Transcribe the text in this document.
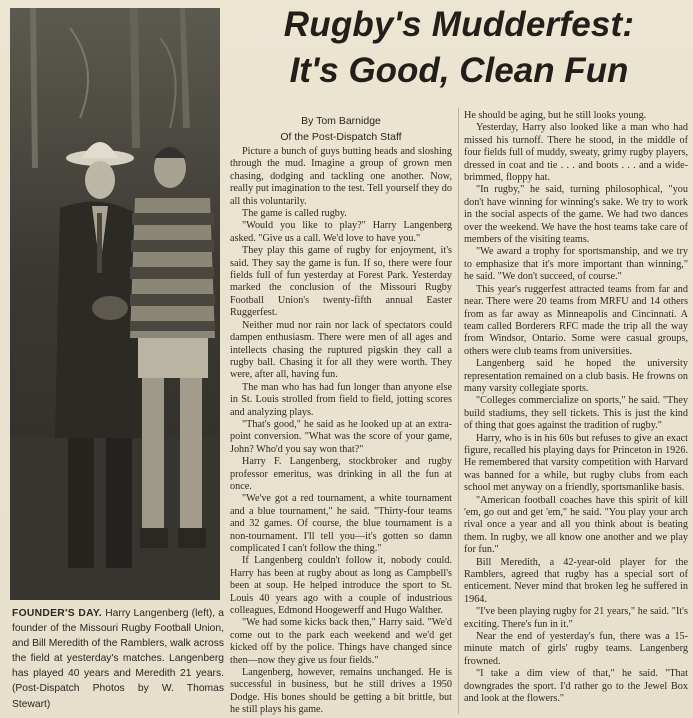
FOUNDER'S DAY. Harry Langenberg (left), a founder of the Missouri Rugby Football Union, and Bill Meredith of the Ramblers, walk across the field at yesterday's matches. Langenberg has played 40 years and Meredith 21 years. (Post-Dispatch Photos by W. Thomas Stewart)
Rugby's Mudderfest:
It's Good, Clean Fun
By Tom Barnidge
Of the Post-Dispatch Staff

Picture a bunch of guys butting heads and sloshing through the mud. Imagine a group of grown men chasing, dodging and tackling one another. Now, really put imagination to the test. Tell yourself they do all this voluntarily.

The game is called rugby.

"Would you like to play?" Harry Langenberg asked. "Give us a call. We'd love to have you."

They play this game of rugby for enjoyment, it's said. They say the game is fun. If so, there were four fields full of fun yesterday at Forest Park. Yesterday marked the conclusion of the Missouri Rugby Football Union's twenty-fifth annual Easter Ruggerfest.

Neither mud nor rain nor lack of spectators could dampen enthusiasm. There were men of all ages and intellects chasing the ruptured pigskin they call a rugby ball. Chasing it for all they were worth. They were, after all, having fun.

The man who has had fun longer than anyone else in St. Louis strolled from field to field, jotting scores and analyzing plays.

"That's good," he said as he looked up at an extra-point conversion. "What was the score of your game, John? Who'd you say won that?"

Harry F. Langenberg, stockbroker and rugby professor emeritus, was drinking in all the fun at once.

"We've got a red tournament, a white tournament and a blue tournament," he said. "Thirty-four teams and 32 games. Of course, the blue tournament is a non-tournament. I'll tell you—it's gotten so damn complicated I can't follow the thing."

If Langenberg couldn't follow it, nobody could. Harry has been at rugby about as long as Campbell's been at soup. He helped introduce the sport to St. Louis 40 years ago with a couple of industrious colleagues, Edmond Hoogewerff and Hugo Walther.

"We had some kicks back then," Harry said. "We'd come out to the park each weekend and we'd get kicked off by the police. Things have changed since then—now they give us four fields."

Langenberg, however, remains unchanged. He is successful in business, but he still drives a 1950 Dodge. His bones should be getting a bit brittle, but he still plays his game.

He should be aging, but he still looks young.

Yesterday, Harry also looked like a man who had missed his turnoff. There he stood, in the middle of four fields full of muddy, sweaty, grimy rugby players, dressed in coat and tie . . . and boots . . . and a wide-brimmed, floppy hat.

"In rugby," he said, turning philosophical, "you don't have winning for winning's sake. We try to work in the social aspects of the game. We had two dances over the weekend. We have the host teams take care of members of the visiting teams.

"We award a trophy for sportsmanship, and we try to emphasize that it's more important than winning," he said. "We don't succeed, of course."

This year's ruggerfest attracted teams from far and near. There were 20 teams from MRFU and 14 others from as far away as Minneapolis and Cincinnati. A team called Borderers RFC made the trip all the way from Windsor, Ontario. Some were casual groups, others were club teams from universities.

Langenberg said he hoped the university representation remained on a club basis. He frowns on many varsity collegiate sports.

"Colleges commercialize on sports," he said. "They build stadiums, they sell tickets. This is just the kind of thing that goes against the tradition of rugby."

Harry, who is in his 60s but refuses to give an exact figure, recalled his playing days for Princeton in 1926. He remembered that varsity competition with Harvard was banned for a while, but rugby clubs from each school met anyway on a friendly, sportsmanlike basis.

"American football coaches have this spirit of kill 'em, go out and get 'em," he said. "You play your arch rival once a year and all you think about is beating them. In rugby, we all know one another and we play for fun."

Bill Meredith, a 42-year-old player for the Ramblers, agreed that rugby has a special sort of enticement. Never mind that broken leg he suffered in 1964.

"I've been playing rugby for 21 years," he said. "It's exciting. There's fun in it."

Near the end of yesterday's fun, there was a 15-minute match of girls' rugby teams. Langenberg frowned.

"I take a dim view of that," he said. "That downgrades the sport. I'd rather go to the Jewel Box and look at the flowers."
